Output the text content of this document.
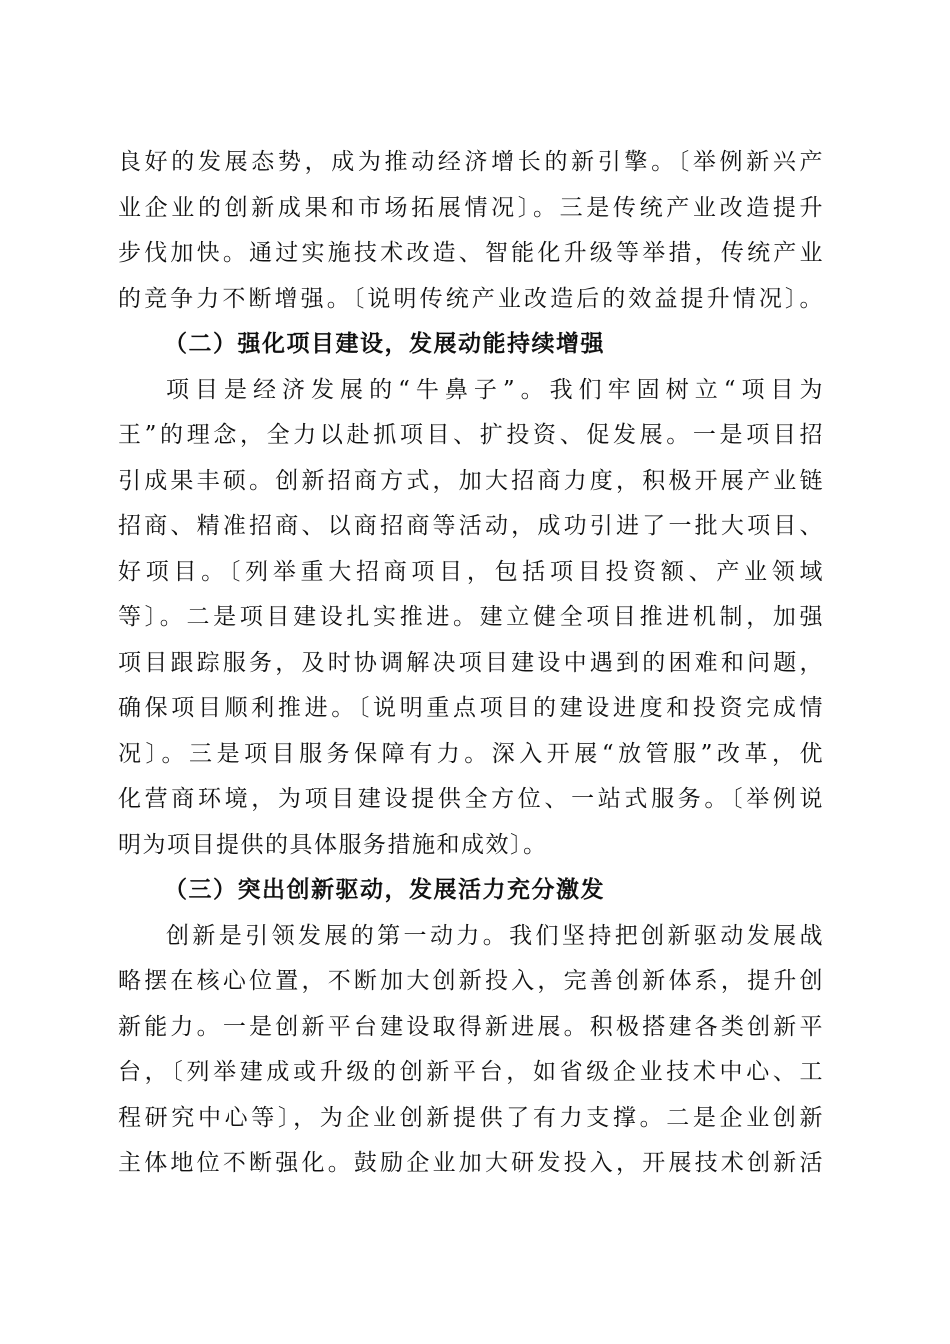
良好的发展态势，成为推动经济增长的新引擎。〔举例新兴产
业企业的创新成果和市场拓展情况〕。三是传统产业改造提升
步伐加快。通过实施技术改造、智能化升级等举措，传统产业
的竞争力不断增强。〔说明传统产业改造后的效益提升情况〕。
（二）强化项目建设，发展动能持续增强
项目是经济发展的“牛鼻子”。我们牢固树立“项目为
王”的理念，全力以赴抓项目、扩投资、促发展。一是项目招
引成果丰硕。创新招商方式，加大招商力度，积极开展产业链
招商、精准招商、以商招商等活动，成功引进了一批大项目、
好项目。〔列举重大招商项目，包括项目投资额、产业领域
等〕。二是项目建设扎实推进。建立健全项目推进机制，加强
项目跟踪服务，及时协调解决项目建设中遇到的困难和问题，
确保项目顺利推进。〔说明重点项目的建设进度和投资完成情
况〕。三是项目服务保障有力。深入开展“放管服”改革，优
化营商环境，为项目建设提供全方位、一站式服务。〔举例说
明为项目提供的具体服务措施和成效〕。
（三）突出创新驱动，发展活力充分激发
创新是引领发展的第一动力。我们坚持把创新驱动发展战
略摆在核心位置，不断加大创新投入，完善创新体系，提升创
新能力。一是创新平台建设取得新进展。积极搭建各类创新平
台，〔列举建成或升级的创新平台，如省级企业技术中心、工
程研究中心等〕，为企业创新提供了有力支撑。二是企业创新
主体地位不断强化。鼓励企业加大研发投入，开展技术创新活
